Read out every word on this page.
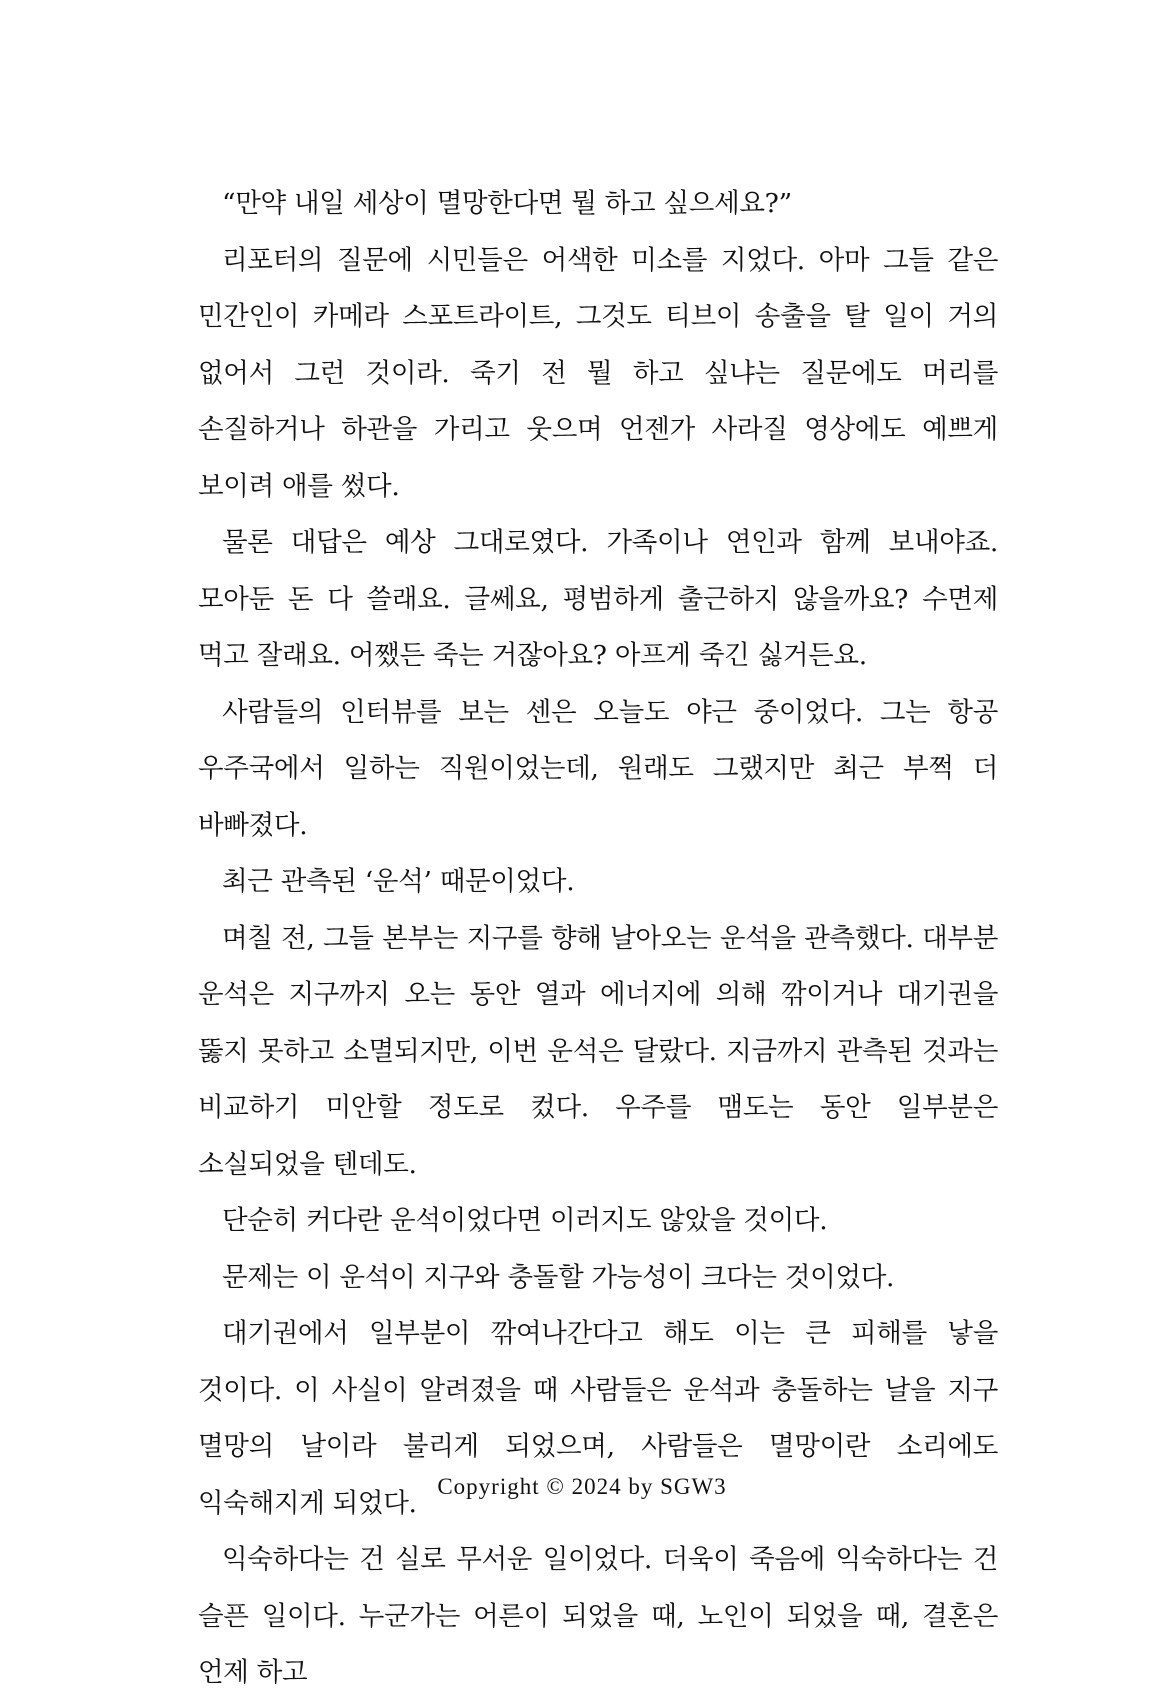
“만약 내일 세상이 멸망한다면 뭘 하고 싶으세요?”

리포터의 질문에 시민들은 어색한 미소를 지었다. 아마 그들 같은 민간인이 카메라 스포트라이트, 그것도 티브이 송출을 탈 일이 거의 없어서 그런 것이라. 죽기 전 뭘 하고 싶냐는 질문에도 머리를 손질하거나 하관을 가리고 웃으며 언젠가 사라질 영상에도 예쁘게 보이려 애를 썼다.

물론 대답은 예상 그대로였다. 가족이나 연인과 함께 보내야죠. 모아둔 돈 다 쓸래요. 글쎄요, 평범하게 출근하지 않을까요? 수면제 먹고 잘래요. 어쨌든 죽는 거잖아요? 아프게 죽긴 싫거든요.

사람들의 인터뷰를 보는 센은 오늘도 야근 중이었다. 그는 항공 우주국에서 일하는 직원이었는데, 원래도 그랬지만 최근 부쩍 더 바빠졌다.

최근 관측된 ‘운석’ 때문이었다.

며칠 전, 그들 본부는 지구를 향해 날아오는 운석을 관측했다. 대부분 운석은 지구까지 오는 동안 열과 에너지에 의해 깎이거나 대기권을 뚫지 못하고 소멸되지만, 이번 운석은 달랐다. 지금까지 관측된 것과는 비교하기 미안할 정도로 컸다. 우주를 맴도는 동안 일부분은 소실되었을 텐데도.

단순히 커다란 운석이었다면 이러지도 않았을 것이다.

문제는 이 운석이 지구와 충돌할 가능성이 크다는 것이었다.

대기권에서 일부분이 깎여나간다고 해도 이는 큰 피해를 낳을 것이다. 이 사실이 알려졌을 때 사람들은 운석과 충돌하는 날을 지구 멸망의 날이라 불리게 되었으며, 사람들은 멸망이란 소리에도 익숙해지게 되었다.

익숙하다는 건 실로 무서운 일이었다. 더욱이 죽음에 익숙하다는 건 슬픈 일이다. 누군가는 어른이 되었을 때, 노인이 되었을 때, 결혼은 언제 하고

Copyright © 2024 by SGW3
